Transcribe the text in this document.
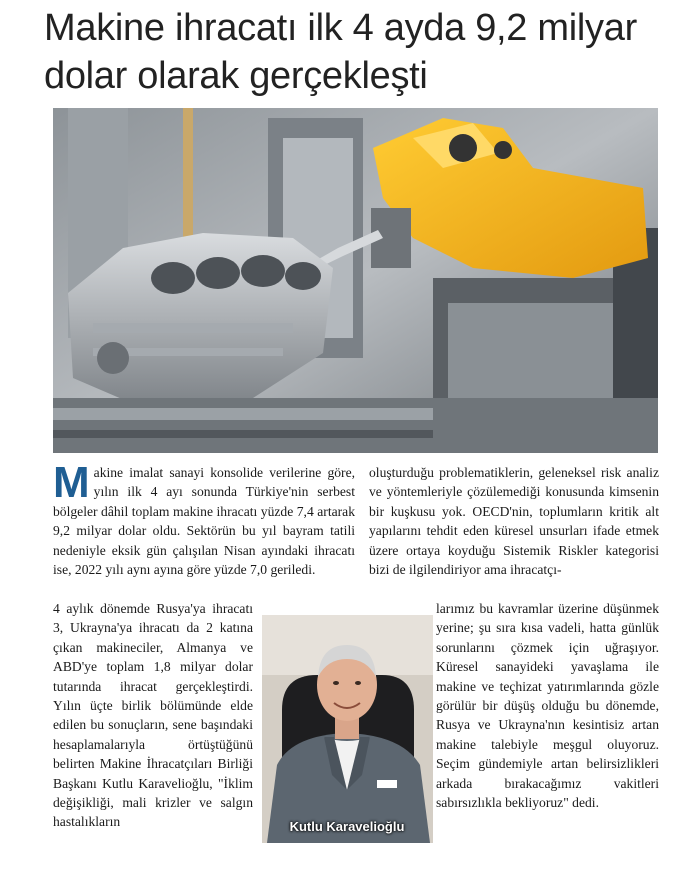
Makine ihracatı ilk 4 ayda 9,2 milyar dolar olarak gerçekleşti

Makine imalat sanayi konsolide verilerine göre, yılın ilk 4 ayı sonunda Türkiye'nin serbest bölgeler dâhil toplam makine ihracatı yüzde 7,4 artarak 9,2 milyar dolar oldu. Sektörün bu yıl bayram tatili nedeniyle eksik gün çalışılan Nisan ayındaki ihracatı ise, 2022 yılı aynı ayına göre yüzde 7,0 geriledi.

4 aylık dönemde Rusya'ya ihracatı 3, Ukrayna'ya ihracatı da 2 katına çıkan makineciler, Almanya ve ABD'ye toplam 1,8 milyar dolar tutarında ihracat gerçekleştirdi. Yılın üçte birlik bölümünde elde edilen bu sonuçların, sene başındaki hesaplamalarıyla örtüştüğünü belirten Makine İhracatçıları Birliği Başkanı Kutlu Karavelioğlu, "İklim değişikliği, mali krizler ve salgın hastalıkların

oluşturduğu problematiklerin, geleneksel risk analiz ve yöntemleriyle çözülemediği konusunda kimsenin bir kuşkusu yok. OECD'nin, toplumların kritik alt yapılarını tehdit eden küresel unsurları ifade etmek üzere ortaya koyduğu Sistemik Riskler kategorisi bizi de ilgilendiriyor ama ihracatçı-

larımız bu kavramlar üzerine düşünmek yerine; şu sıra kısa vadeli, hatta günlük sorunlarını çözmek için uğraşıyor. Küresel sanayideki yavaşlama ile makine ve teçhizat yatırımlarında gözle görülür bir düşüş olduğu bu dönemde, Rusya ve Ukrayna'nın kesintisiz artan makine talebiyle meşgul oluyoruz. Seçim gündemiyle artan belirsizlikleri arkada bırakacağımız vakitleri sabırsızlıkla bekliyoruz" dedi.

Kutlu Karavelioğlu
